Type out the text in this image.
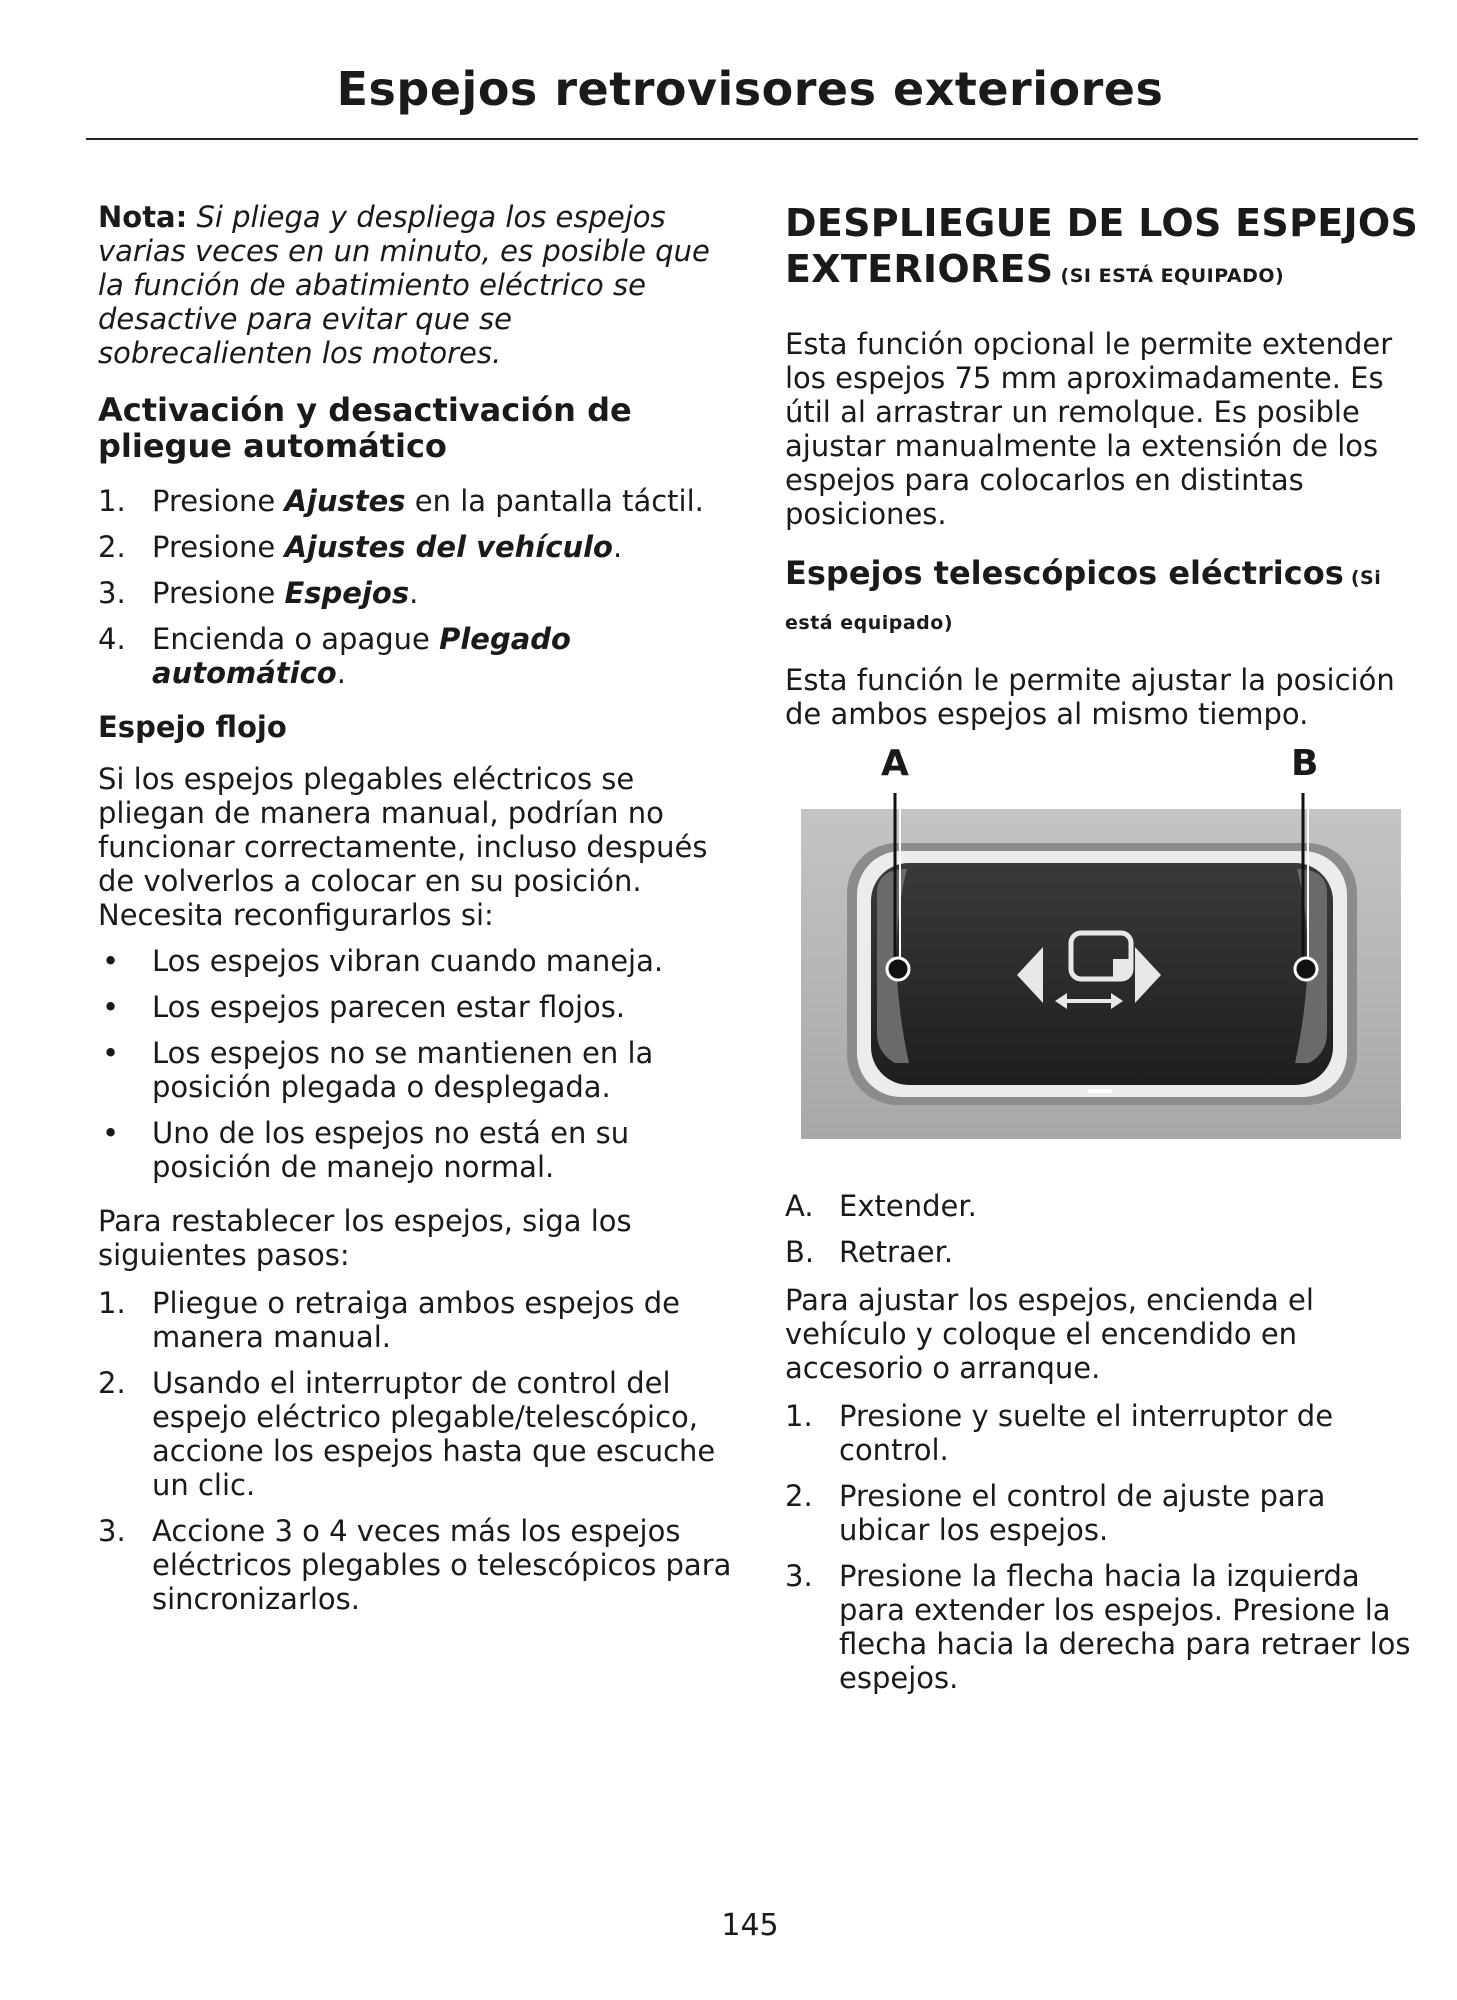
Espejos retrovisores exteriores

Nota: Si pliega y despliega los espejos varias veces en un minuto, es posible que la función de abatimiento eléctrico se desactive para evitar que se sobrecalienten los motores.

Activación y desactivación de pliegue automático
1. Presione Ajustes en la pantalla táctil.
2. Presione Ajustes del vehículo.
3. Presione Espejos.
4. Encienda o apague Plegado automático.
Espejo flojo

Si los espejos plegables eléctricos se pliegan de manera manual, podrían no funcionar correctamente, incluso después de volverlos a colocar en su posición. Necesita reconfigurarlos si:

• Los espejos vibran cuando maneja.
• Los espejos parecen estar flojos.
• Los espejos no se mantienen en la posición plegada o desplegada.
• Uno de los espejos no está en su posición de manejo normal.

Para restablecer los espejos, siga los siguientes pasos:

1. Pliegue o retraiga ambos espejos de manera manual.
2. Usando el interruptor de control del espejo eléctrico plegable/telescópico, accione los espejos hasta que escuche un clic.
3. Accione 3 o 4 veces más los espejos eléctricos plegables o telescópicos para sincronizarlos.
DESPLIEGUE DE LOS ESPEJOS EXTERIORES (SI ESTÁ EQUIPADO)

Esta función opcional le permite extender los espejos 75 mm aproximadamente. Es útil al arrastrar un remolque. Es posible ajustar manualmente la extensión de los espejos para colocarlos en distintas posiciones.

Espejos telescópicos eléctricos (Si está equipado)

Esta función le permite ajustar la posición de ambos espejos al mismo tiempo.

A	B
A. Extender.
B. Retraer.

Para ajustar los espejos, encienda el vehículo y coloque el encendido en accesorio o arranque.

1. Presione y suelte el interruptor de control.
2. Presione el control de ajuste para ubicar los espejos.
3. Presione la flecha hacia la izquierda para extender los espejos. Presione la flecha hacia la derecha para retraer los espejos.
145
